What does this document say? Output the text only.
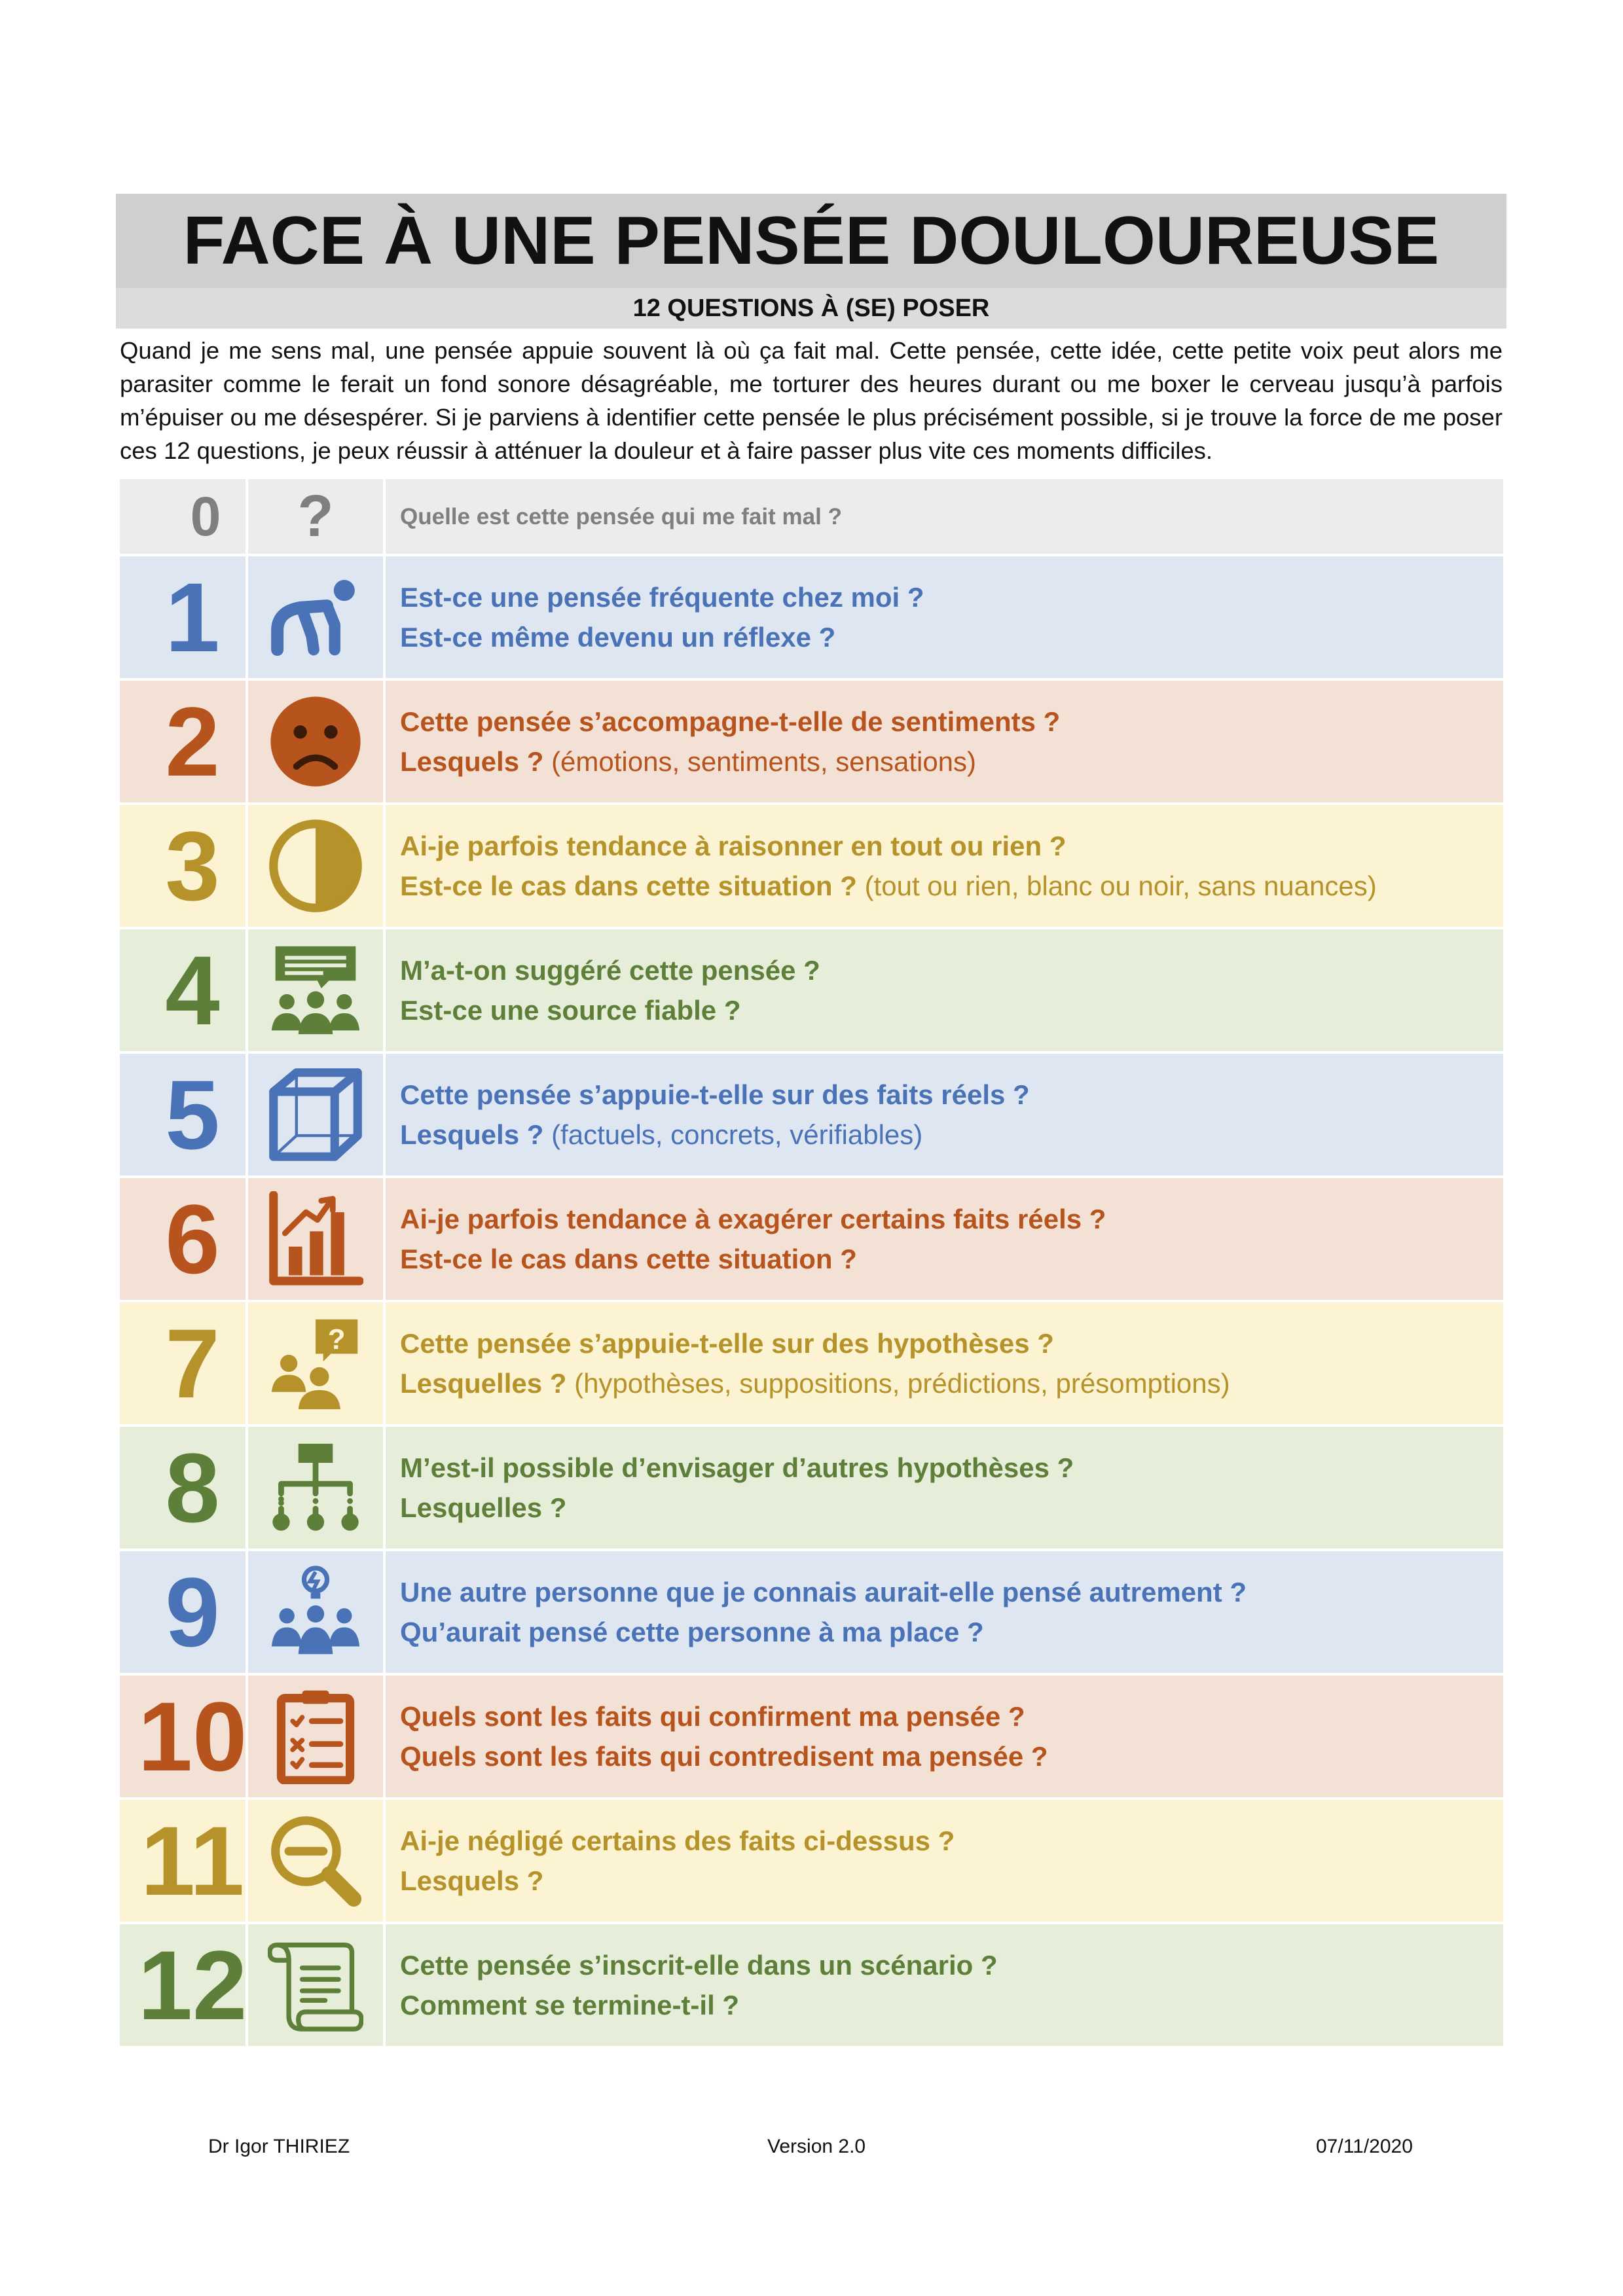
FACE À UNE PENSÉE DOULOUREUSE
12 QUESTIONS À (SE) POSER

Quand je me sens mal, une pensée appuie souvent là où ça fait mal. Cette pensée, cette idée, cette petite voix peut alors me parasiter comme le ferait un fond sonore désagréable, me torturer des heures durant ou me boxer le cerveau jusqu’à parfois m’épuiser ou me désespérer. Si je parviens à identifier cette pensée le plus précisément possible, si je trouve la force de me poser ces 12 questions, je peux réussir à atténuer la douleur et à faire passer plus vite ces moments difficiles.

0	?	Quelle est cette pensée qui me fait mal ?
1	Est-ce une pensée fréquente chez moi ?
Est-ce même devenu un réflexe ?
2	Cette pensée s’accompagne-t-elle de sentiments ?
Lesquels ? (émotions, sentiments, sensations)
3	Ai-je parfois tendance à raisonner en tout ou rien ?
Est-ce le cas dans cette situation ? (tout ou rien, blanc ou noir, sans nuances)
4	M’a-t-on suggéré cette pensée ?
Est-ce une source fiable ?
5	Cette pensée s’appuie-t-elle sur des faits réels ?
Lesquels ? (factuels, concrets, vérifiables)
6	Ai-je parfois tendance à exagérer certains faits réels ?
Est-ce le cas dans cette situation ?
7	? Cette pensée s’appuie-t-elle sur des hypothèses ?
Lesquelles ? (hypothèses, suppositions, prédictions, présomptions)
8	M’est-il possible d’envisager d’autres hypothèses ?
Lesquelles ?
9	Une autre personne que je connais aurait-elle pensé autrement ?
Qu’aurait pensé cette personne à ma place ?
10	Quels sont les faits qui confirment ma pensée ?
Quels sont les faits qui contredisent ma pensée ?
11	Ai-je négligé certains des faits ci-dessus ?
Lesquels ?
12	Cette pensée s’inscrit-elle dans un scénario ?
Comment se termine-t-il ?
Dr Igor THIRIEZ	Version 2.0	07/11/2020
